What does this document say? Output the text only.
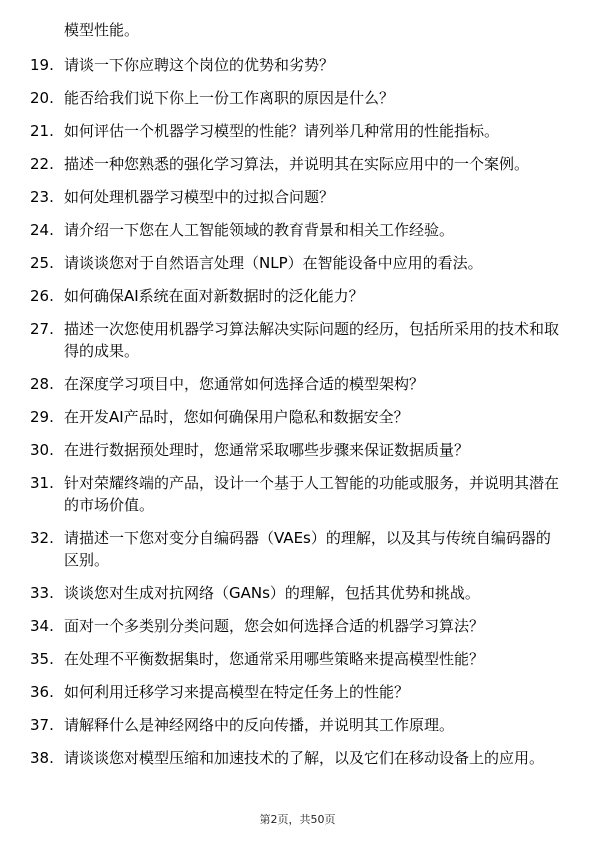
模型性能。
19. 请谈一下你应聘这个岗位的优势和劣势？
20. 能否给我们说下你上一份工作离职的原因是什么？
21. 如何评估一个机器学习模型的性能？请列举几种常用的性能指标。
22. 描述一种您熟悉的强化学习算法，并说明其在实际应用中的一个案例。
23. 如何处理机器学习模型中的过拟合问题？
24. 请介绍一下您在人工智能领域的教育背景和相关工作经验。
25. 请谈谈您对于自然语言处理（NLP）在智能设备中应用的看法。
26. 如何确保AI系统在面对新数据时的泛化能力？
27. 描述一次您使用机器学习算法解决实际问题的经历，包括所采用的技术和取得的成果。
28. 在深度学习项目中，您通常如何选择合适的模型架构？
29. 在开发AI产品时，您如何确保用户隐私和数据安全？
30. 在进行数据预处理时，您通常采取哪些步骤来保证数据质量？
31. 针对荣耀终端的产品，设计一个基于人工智能的功能或服务，并说明其潜在的市场价值。
32. 请描述一下您对变分自编码器（VAEs）的理解，以及其与传统自编码器的区别。
33. 谈谈您对生成对抗网络（GANs）的理解，包括其优势和挑战。
34. 面对一个多类别分类问题，您会如何选择合适的机器学习算法？
35. 在处理不平衡数据集时，您通常采用哪些策略来提高模型性能？
36. 如何利用迁移学习来提高模型在特定任务上的性能？
37. 请解释什么是神经网络中的反向传播，并说明其工作原理。
38. 请谈谈您对模型压缩和加速技术的了解，以及它们在移动设备上的应用。
第2页，共50页
